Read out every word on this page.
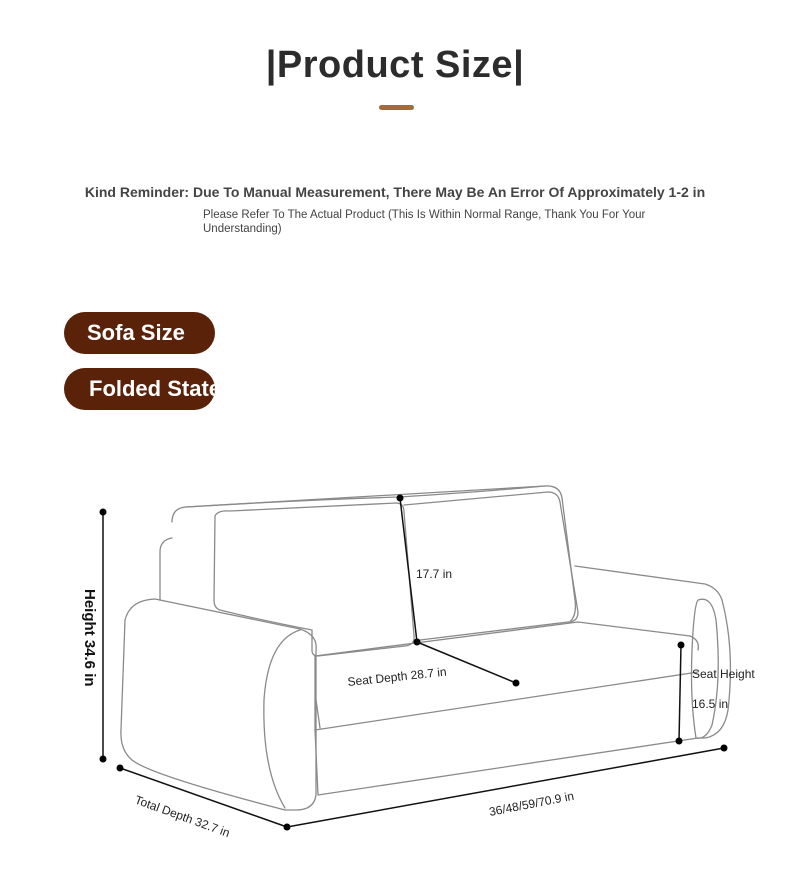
|Product Size|
Kind Reminder: Due To Manual Measurement, There May Be An Error Of Approximately 1-2 in
Please Refer To The Actual Product (This Is Within Normal Range, Thank You For Your Understanding)
Sofa Size
Folded State
Height 34.6 in
17.7 in
Seat Depth 28.7 in	Seat Height
16.5 in
Total Depth 32.7 in	36/48/59/70.9 in
